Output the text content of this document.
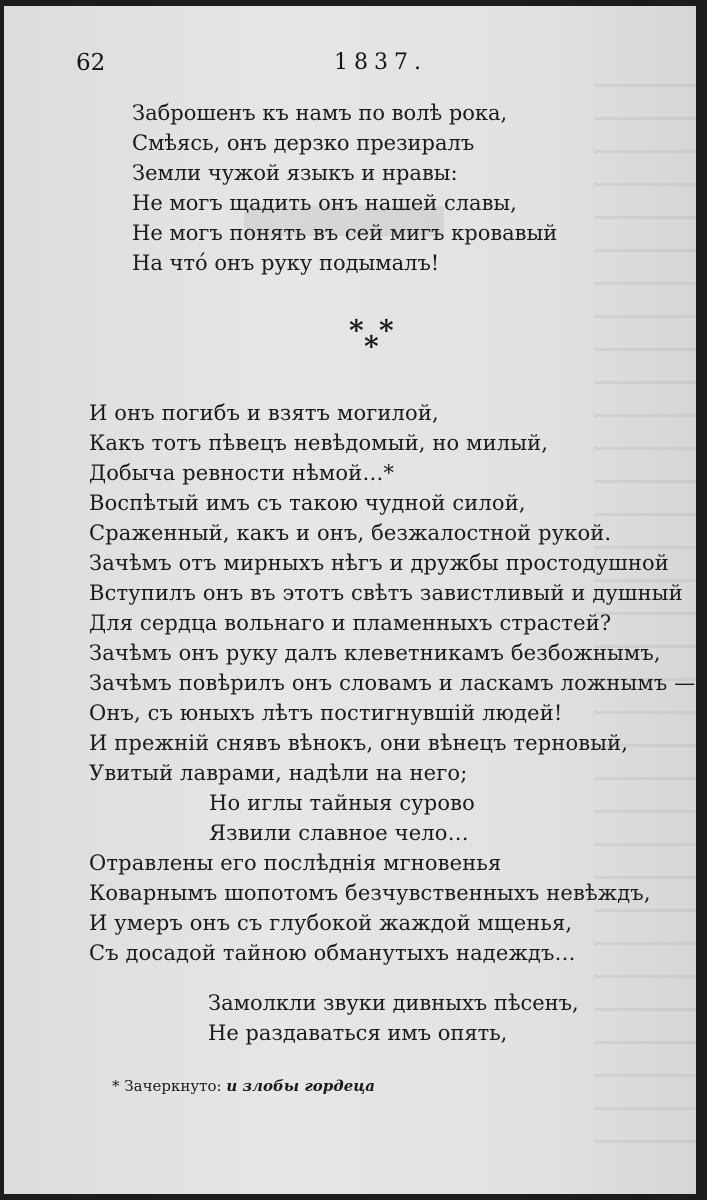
62	1837.
Заброшенъ къ намъ по волѣ рока,
Смѣясь, онъ дерзко презиралъ
Земли чужой языкъ и нравы:
Не могъ щадить онъ нашей славы,
Не могъ понять въ сей мигъ кровавый
На что́ онъ руку подымалъ!
* *
*
И онъ погибъ и взятъ могилой,
Какъ тотъ пѣвецъ невѣдомый, но милый,
Добыча ревности нѣмой…*
Воспѣтый имъ съ такою чудной силой,
Сраженный, какъ и онъ, безжалостной рукой.
Зачѣмъ отъ мирныхъ нѣгъ и дружбы простодушной
Вступилъ онъ въ этотъ свѣтъ завистливый и душный
Для сердца вольнаго и пламенныхъ страстей?
Зачѣмъ онъ руку далъ клеветникамъ безбожнымъ,
Зачѣмъ повѣрилъ онъ словамъ и ласкамъ ложнымъ —
Онъ, съ юныхъ лѣтъ постигнувшій людей!
И прежній снявъ вѣнокъ, они вѣнецъ терновый,
Увитый лаврами, надѣли на него;
Но иглы тайныя сурово
Язвили славное чело…
Отравлены его послѣднія мгновенья
Коварнымъ шопотомъ безчувственныхъ невѣждъ,
И умеръ онъ съ глубокой жаждой мщенья,
Съ досадой тайною обманутыхъ надеждъ…
Замолкли звуки дивныхъ пѣсенъ,
Не раздаваться имъ опять,
* Зачеркнуто: и злобы гордеца
